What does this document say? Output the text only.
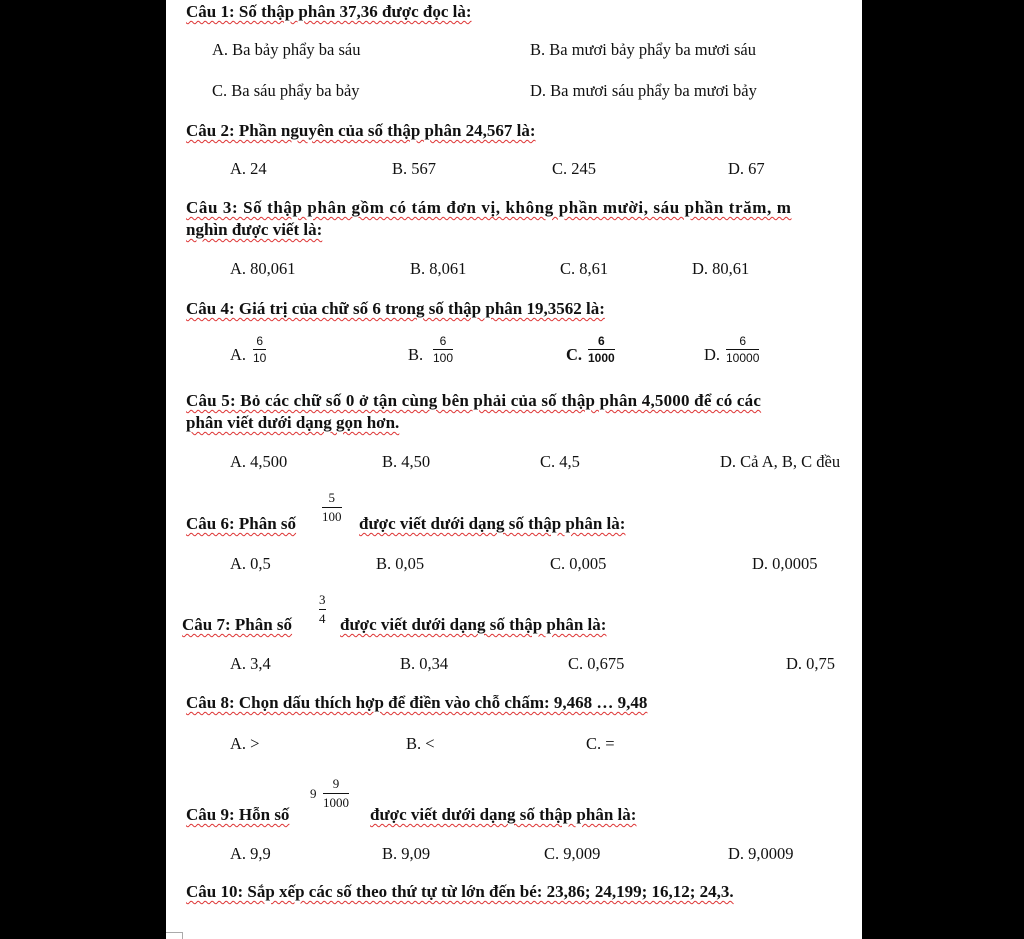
Câu 1: Số thập phân 37,36 được đọc là:
A. Ba bảy phẩy ba sáu	B. Ba mươi bảy phẩy ba mươi sáu
C. Ba sáu phẩy ba bảy	D. Ba mươi sáu phẩy ba mươi bảy
Câu 2: Phần nguyên của số thập phân 24,567 là:
A. 24	B. 567	C. 245	D. 67
Câu 3: Số thập phân gồm có tám đơn vị, không phần mười, sáu phần trăm, m
nghìn được viết là:
A. 80,061	B. 8,061	C. 8,61	D. 80,61
Câu 4: Giá trị của chữ số 6 trong số thập phân 19,3562 là:
A.
6
10	B.
6
100	C.
6
1000	D.
6
10000
Câu 5: Bỏ các chữ số 0 ở tận cùng bên phải của số thập phân 4,5000 để có các
phân viết dưới dạng gọn hơn.
A. 4,500	B. 4,50	C. 4,5	D. Cả A, B, C đều
Câu 6: Phân số
5
100 được viết dưới dạng số thập phân là:
A. 0,5	B. 0,05	C. 0,005	D. 0,0005
Câu 7: Phân số
3
4 được viết dưới dạng số thập phân là:
A. 3,4	B. 0,34	C. 0,675	D. 0,75
Câu 8: Chọn dấu thích hợp để điền vào chỗ chấm: 9,468 … 9,48
A. >	B. <	C. =
Câu 9: Hỗn số
9
9
1000
được viết dưới dạng số thập phân là:
A. 9,9	B. 9,09	C. 9,009	D. 9,0009
Câu 10: Sắp xếp các số theo thứ tự từ lớn đến bé: 23,86; 24,199; 16,12; 24,3.
